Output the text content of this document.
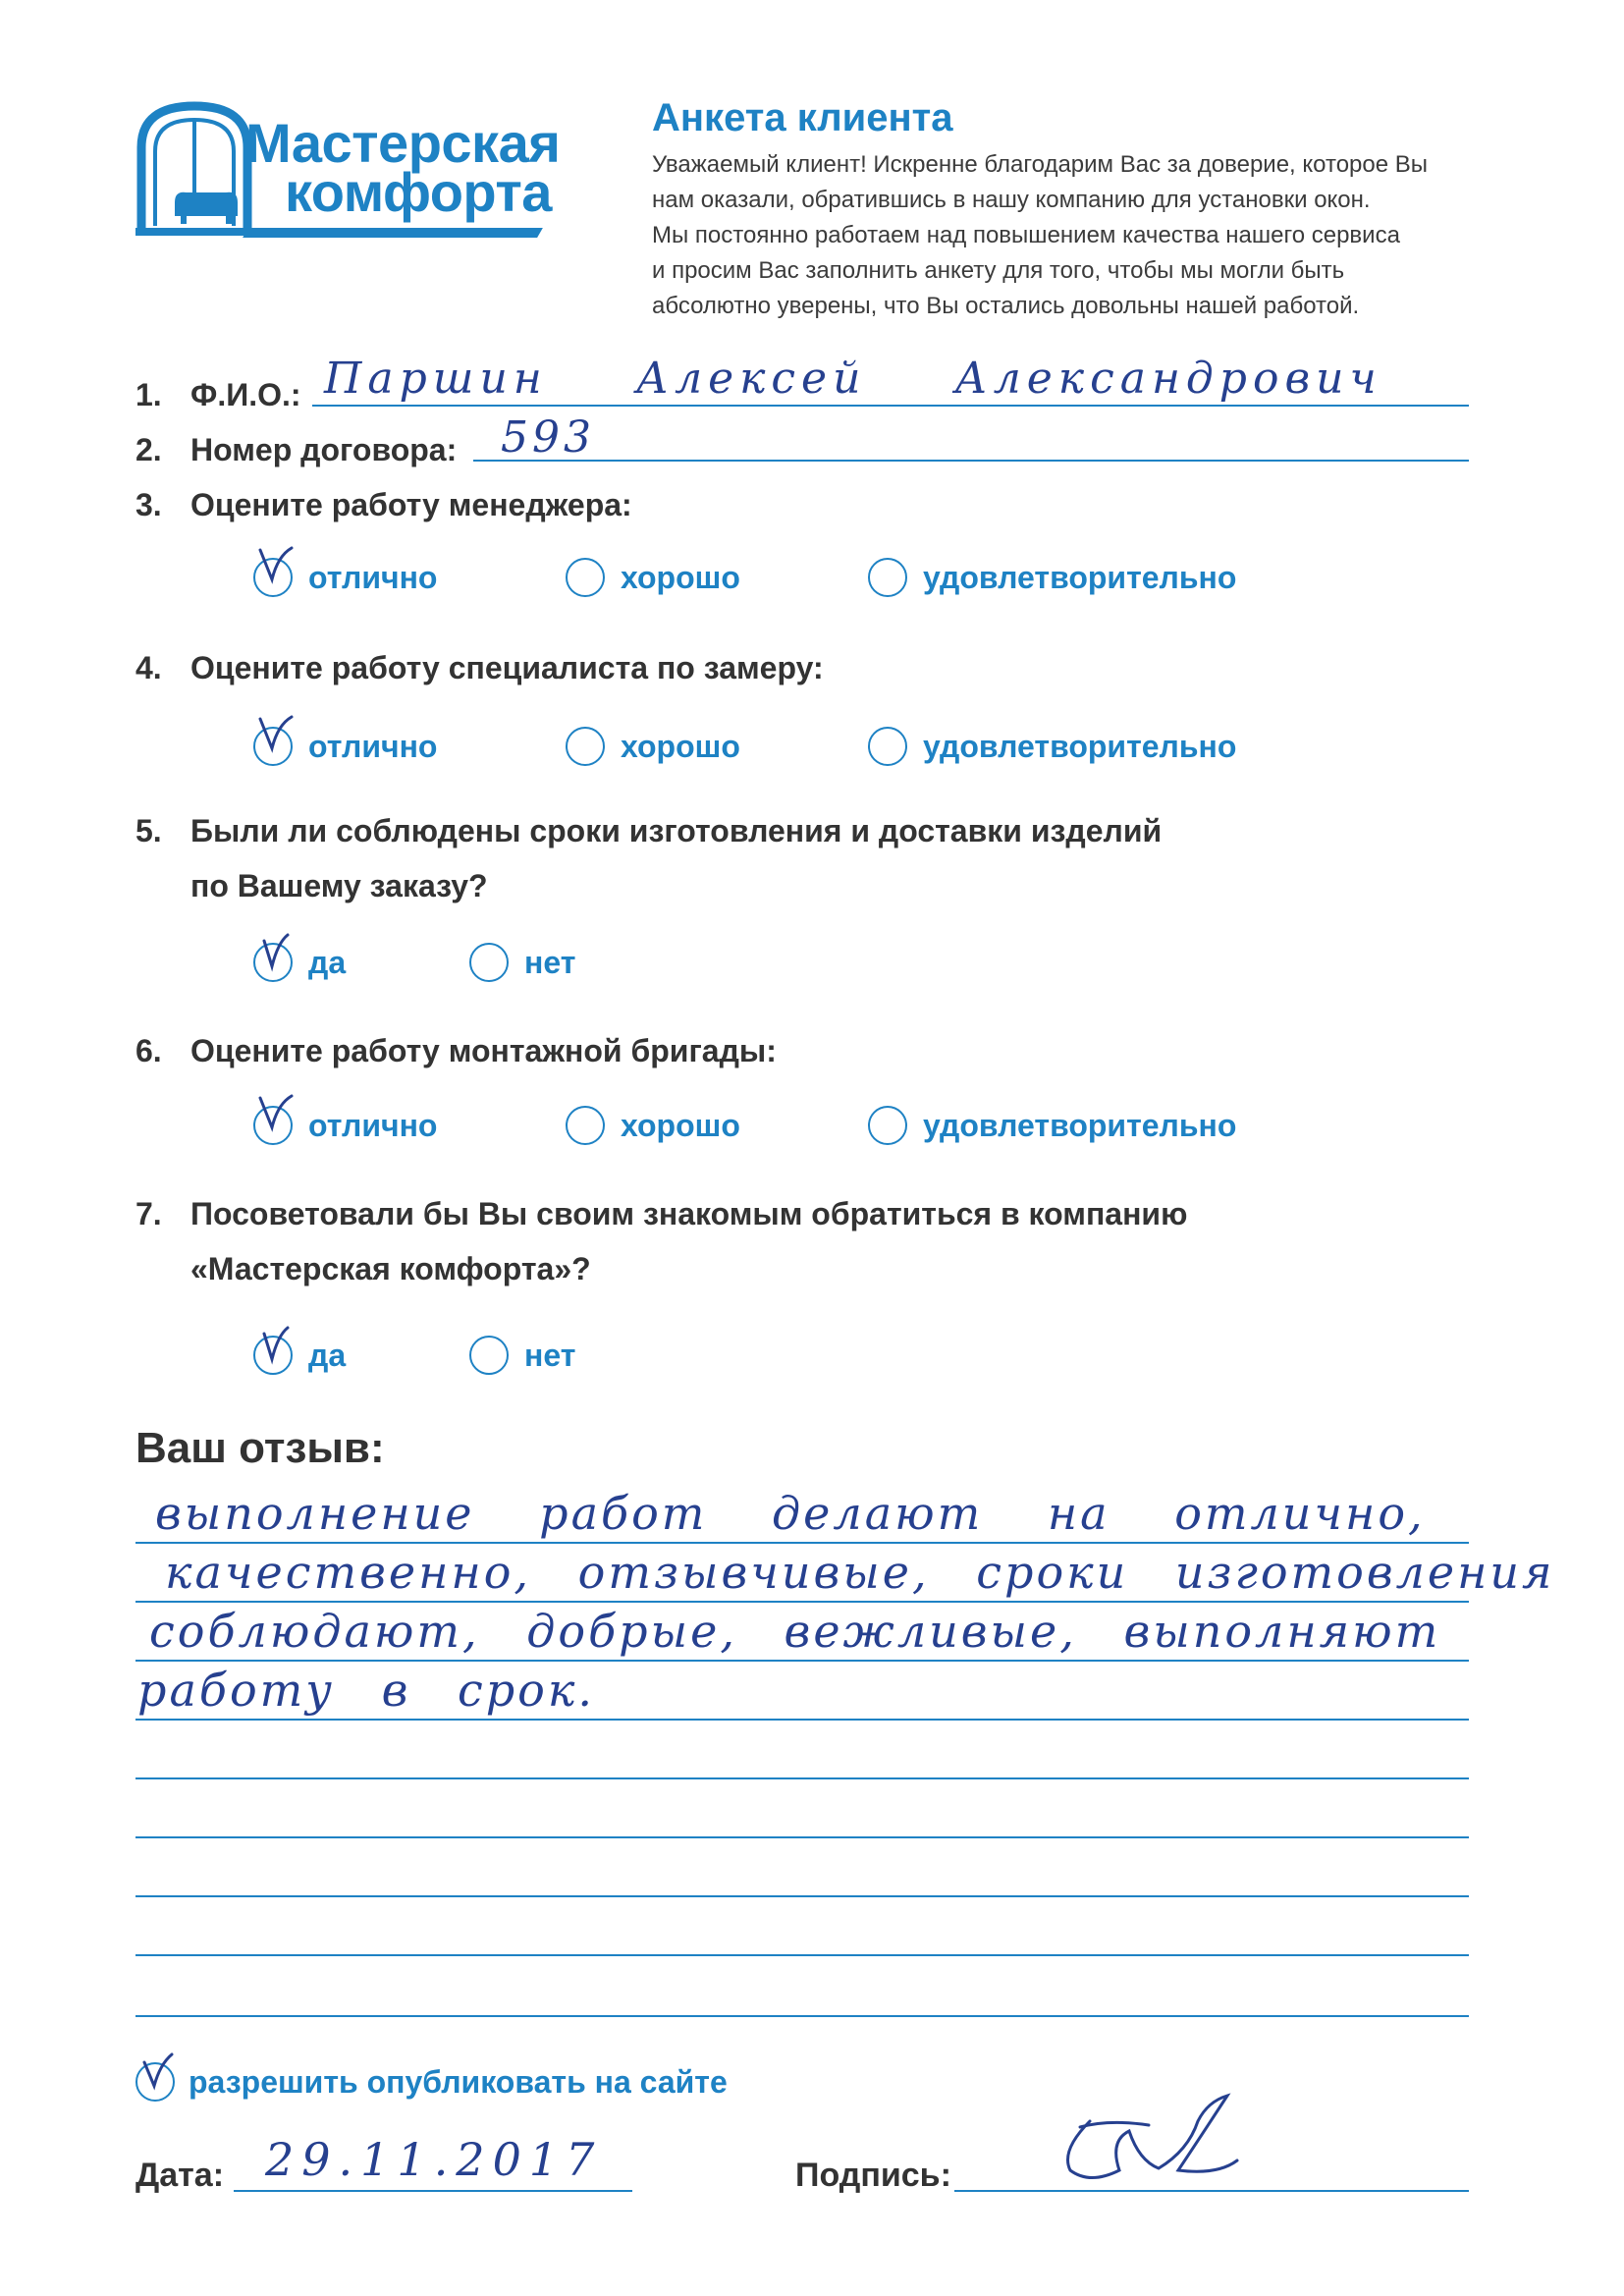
Мастерская
комфорта
Анкета клиента
Уважаемый клиент! Искренне благодарим Вас за доверие, которое Вы
нам оказали, обратившись в нашу компанию для установки окон.
Мы постоянно работаем над повышением качества нашего сервиса
и просим Вас заполнить анкету для того, чтобы мы могли быть
абсолютно уверены, что Вы остались довольны нашей работой.
1. Ф.И.О.: Паршин Алексей Александрович
2. Номер договора: 593
3. Оцените работу менеджера:
отлично	хорошо	удовлетворительно
4. Оцените работу специалиста по замеру:
отлично	хорошо	удовлетворительно
5. Были ли соблюдены сроки изготовления и доставки изделий
по Вашему заказу?
да	нет
6. Оцените работу монтажной бригады:
отлично	хорошо	удовлетворительно
7. Посоветовали бы Вы своим знакомым обратиться в компанию
«Мастерская комфорта»?
да	нет
Ваш отзыв:
выполнение работ делают на отлично,
качественно, отзывчивые, сроки изготовления
соблюдают, добрые, вежливые, выполняют
работу в срок.
разрешить опубликовать на сайте
Дата: 29.11.2017	Подпись:
